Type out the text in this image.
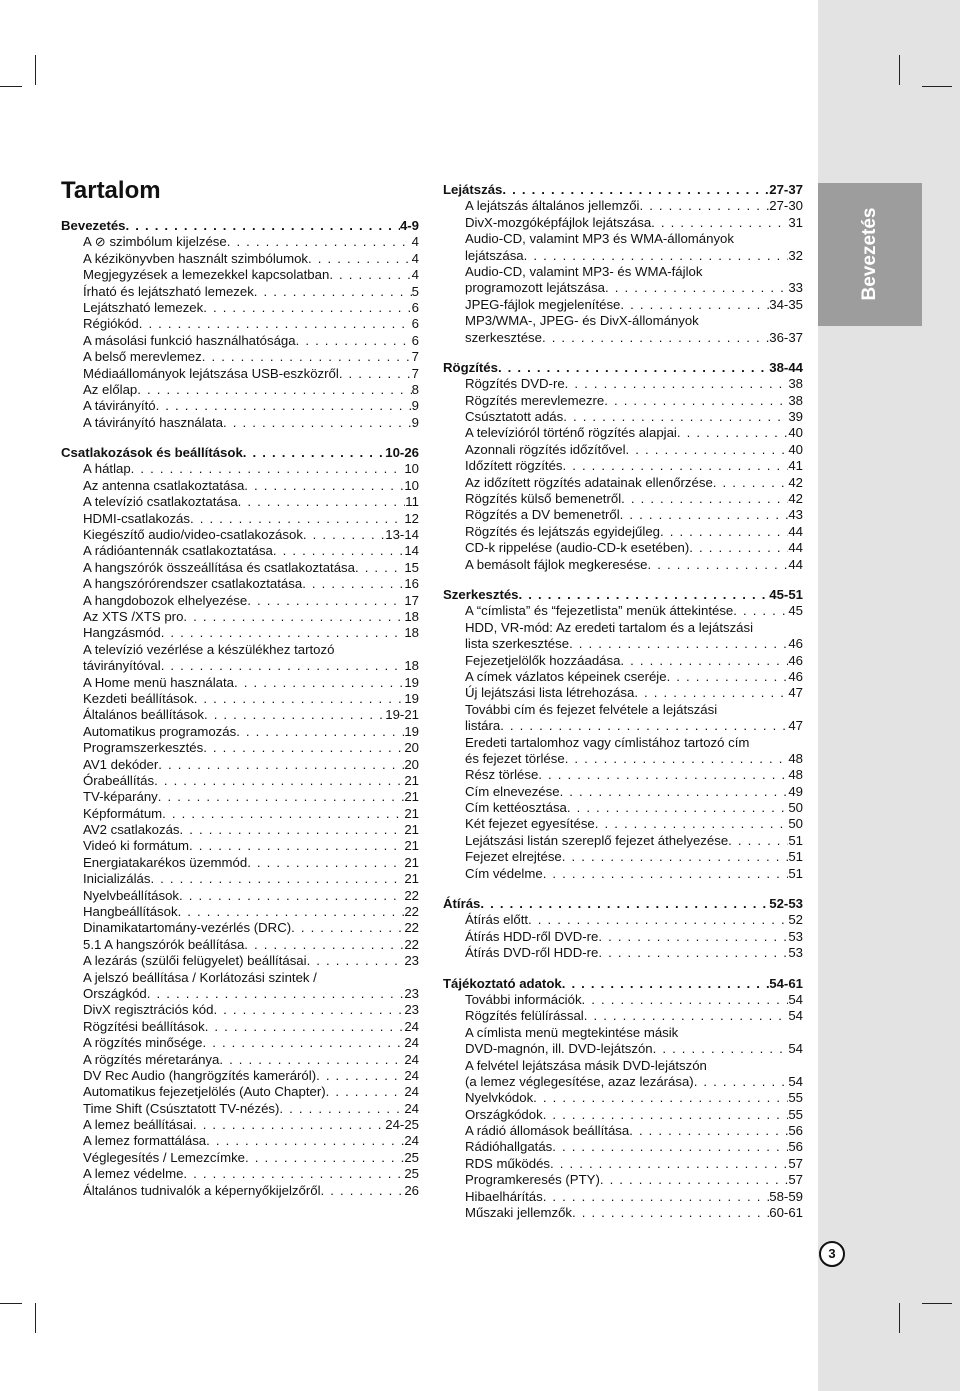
Bevezetés
Tartalom
Bevezetés . . .	4-9
A ⊘ szimbólum kijelzése . . .	4
A kézikönyvben használt szimbólumok . . .	4
Megjegyzések a lemezekkel kapcsolatban . . .	4
Írható és lejátszható lemezek . . .	5
Lejátszható lemezek . . .	6
Régiókód . . .	6
A másolási funkció használhatósága . . .	6
A belső merevlemez . . .	7
Médiaállományok lejátszása USB-eszközről . . .	7
Az előlap . . .	8
A távirányító . . .	9
A távirányító használata . . .	9
Csatlakozások és beállítások . . .	10-26
A hátlap . . .	10
Az antenna csatlakoztatása . . .	10
A televízió csatlakoztatása . . .	11
HDMI-csatlakozás . . .	12
Kiegészítő audio/video-csatlakozások . . .	13-14
A rádióantennák csatlakoztatása . . .	14
A hangszórók összeállítása és csatlakoztatása . . .	15
A hangszórórendszer csatlakoztatása . . .	16
A hangdobozok elhelyezése . . .	17
Az XTS /XTS pro . . .	18
Hangzásmód . . .	18
A televízió vezérlése a készülékhez tartozó
távirányítóval . . .	18
A Home menü használata . . .	19
Kezdeti beállítások . . .	19
Általános beállítások . . .	19-21
Automatikus programozás . . .	19
Programszerkesztés . . .	20
AV1 dekóder . . .	20
Órabeállítás . . .	21
TV-képarány . . .	21
Képformátum . . .	21
AV2 csatlakozás . . .	21
Videó ki formátum . . .	21
Energiatakarékos üzemmód . . .	21
Inicializálás . . .	21
Nyelvbeállítások . . .	22
Hangbeállítások . . .	22
Dinamikatartomány-vezérlés (DRC) . . .	22
5.1 A hangszórók beállítása . . .	22
A lezárás (szülői felügyelet) beállításai . . .	23
A jelszó beállítása / Korlátozási szintek /
Országkód . . .	23
DivX regisztrációs kód . . .	23
Rögzítési beállítások . . .	24
A rögzítés minősége . . .	24
A rögzítés méretaránya . . .	24
DV Rec Audio (hangrögzítés kameráról) . . .	24
Automatikus fejezetjelölés (Auto Chapter) . . .	24
Time Shift (Csúsztatott TV-nézés) . . .	24
A lemez beállításai . . .	24-25
A lemez formattálása . . .	24
Véglegesítés / Lemezcímke . . .	25
A lemez védelme . . .	25
Általános tudnivalók a képernyőkijelzőről . . .	26
Lejátszás . . .	27-37
A lejátszás általános jellemzői . . .	27-30
DivX-mozgóképfájlok lejátszása . . .	31
Audio-CD, valamint MP3 és WMA-állományok
lejátszása . . .	32
Audio-CD, valamint MP3- és WMA-fájlok
programozott lejátszása . . .	33
JPEG-fájlok megjelenítése . . .	34-35
MP3/WMA-, JPEG- és DivX-állományok
szerkesztése . . .	36-37
Rögzítés . . .	38-44
Rögzítés DVD-re . . .	38
Rögzítés merevlemezre . . .	38
Csúsztatott adás . . .	39
A televízióról történő rögzítés alapjai . . .	40
Azonnali rögzítés időzítővel . . .	40
Időzített rögzítés . . .	41
Az időzített rögzítés adatainak ellenőrzése . . .	42
Rögzítés külső bemenetről . . .	42
Rögzítés a DV bemenetről . . .	43
Rögzítés és lejátszás egyidejűleg . . .	44
CD-k rippelése (audio-CD-k esetében) . . .	44
A bemásolt fájlok megkeresése . . .	44
Szerkesztés . . .	45-51
A “címlista” és “fejezetlista” menük áttekintése . . .	45
HDD, VR-mód: Az eredeti tartalom és a lejátszási
lista szerkesztése . . .	46
Fejezetjelölők hozzáadása . . .	46
A címek vázlatos képeinek cseréje . . .	46
Új lejátszási lista létrehozása . . .	47
További cím és fejezet felvétele a lejátszási
listára . . .	47
Eredeti tartalomhoz vagy címlistához tartozó cím
és fejezet törlése . . .	48
Rész törlése . . .	48
Cím elnevezése . . .	49
Cím kettéosztása . . .	50
Két fejezet egyesítése . . .	50
Lejátszási listán szereplő fejezet áthelyezése . . .	51
Fejezet elrejtése . . .	51
Cím védelme . . .	51
Átírás . . .	52-53
Átírás előtt . . .	52
Átírás HDD-ről DVD-re . . .	53
Átírás DVD-ről HDD-re . . .	53
Tájékoztató adatok . . .	54-61
További információk . . .	54
Rögzítés felülírással . . .	54
A címlista menü megtekintése másik
DVD-magnón, ill. DVD-lejátszón . . .	54
A felvétel lejátszása másik DVD-lejátszón
(a lemez véglegesítése, azaz lezárása) . . .	54
Nyelvkódok . . .	55
Országkódok . . .	55
A rádió állomások beállítása . . .	56
Rádióhallgatás . . .	56
RDS működés . . .	57
Programkeresés (PTY) . . .	57
Hibaelhárítás . . .	58-59
Műszaki jellemzők . . .	60-61
3
